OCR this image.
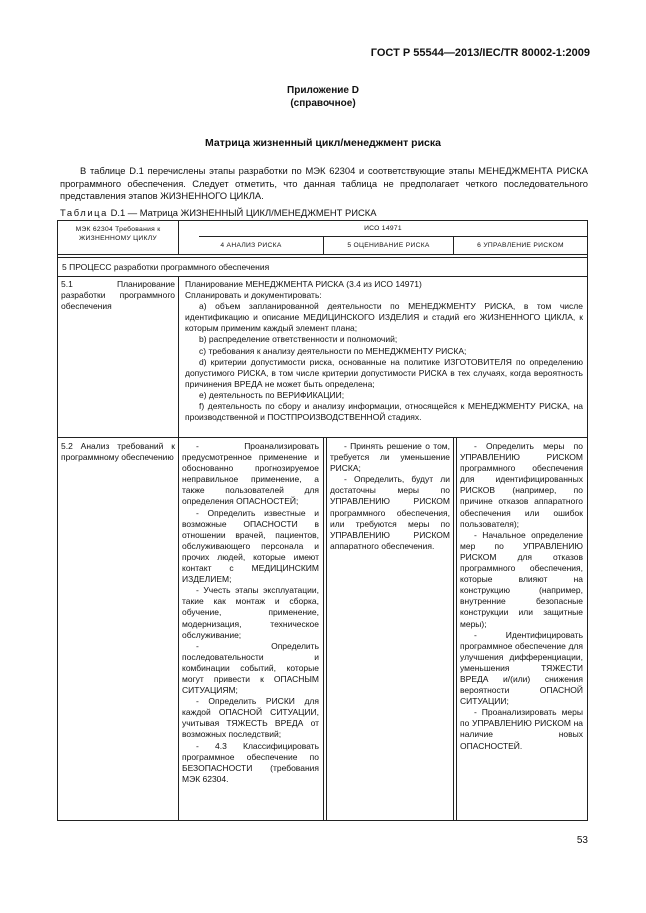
ГОСТ Р 55544—2013/IEC/TR 80002-1:2009
Приложение D
(справочное)
Матрица жизненный цикл/менеджмент риска
В таблице D.1 перечислены этапы разработки по МЭК 62304 и соответствующие этапы МЕНЕДЖМЕНТА РИСКА программного обеспечения. Следует отметить, что данная таблица не предполагает четкого последовательного представления этапов ЖИЗНЕННОГО ЦИКЛА.
Таблица D.1 — Матрица ЖИЗНЕННЫЙ ЦИКЛ/МЕНЕДЖМЕНТ РИСКА
МЭК 62304 Требования к ЖИЗНЕННОМУ ЦИКЛУ
ИСО 14971
4 АНАЛИЗ РИСКА	5 ОЦЕНИВАНИЕ РИСКА	6 УПРАВЛЕНИЕ РИСКОМ
5 ПРОЦЕСС разработки программного обеспечения
5.1 Планирование разработки программного обеспечения

Планирование МЕНЕДЖМЕНТА РИСКА (3.4 из ИСО 14971)

Спланировать и документировать:

а) объем запланированной деятельности по МЕНЕДЖМЕНТУ РИСКА, в том числе идентификацию и описание МЕДИЦИНСКОГО ИЗДЕЛИЯ и стадий его ЖИЗНЕННОГО ЦИКЛА, к которым применим каждый элемент плана;

b) распределение ответственности и полномочий;

с) требования к анализу деятельности по МЕНЕДЖМЕНТУ РИСКА;

d) критерии допустимости риска, основанные на политике ИЗГОТОВИТЕЛЯ по определению допустимого РИСКА, в том числе критерии допустимости РИСКА в тех случаях, когда вероятность причинения ВРЕДА не может быть определена;

е) деятельность по ВЕРИФИКАЦИИ;

f) деятельность по сбору и анализу информации, относящейся к МЕНЕДЖМЕНТУ РИСКА, на производственной и ПОСТПРОИЗВОДСТВЕННОЙ стадиях.

5.2 Анализ требований к программному обеспечению

- Проанализировать предусмотренное применение и обоснованно прогнозируемое неправильное применение, а также пользователей для определения ОПАСНОСТЕЙ;

- Определить известные и возможные ОПАСНОСТИ в отношении врачей, пациентов, обслуживающего персонала и прочих людей, которые имеют контакт с МЕДИЦИНСКИМ ИЗДЕЛИЕМ;

- Учесть этапы эксплуатации, такие как монтаж и сборка, обучение, применение, модернизация, техническое обслуживание;

- Определить последовательности и комбинации событий, которые могут привести к ОПАСНЫМ СИТУАЦИЯМ;

- Определить РИСКИ для каждой ОПАСНОЙ СИТУАЦИИ, учитывая ТЯЖЕСТЬ ВРЕДА от возможных последствий;

- 4.3 Классифицировать программное обеспечение по БЕЗОПАСНОСТИ (требования МЭК 62304.

- Принять решение о том, требуется ли уменьшение РИСКА;

- Определить, будут ли достаточны меры по УПРАВЛЕНИЮ РИСКОМ программного обеспечения, или требуются меры по УПРАВЛЕНИЮ РИСКОМ аппаратного обеспечения.

- Определить меры по УПРАВЛЕНИЮ РИСКОМ программного обеспечения для идентифицированных РИСКОВ (например, по причине отказов аппаратного обеспечения или ошибок пользователя);

- Начальное определение мер по УПРАВЛЕНИЮ РИСКОМ для отказов программного обеспечения, которые влияют на конструкцию (например, внутренние безопасные конструкции или защитные меры);

- Идентифицировать программное обеспечение для улучшения дифференциации, уменьшения ТЯЖЕСТИ ВРЕДА и/(или) снижения вероятности ОПАСНОЙ СИТУАЦИИ;

- Проанализировать меры по УПРАВЛЕНИЮ РИСКОМ на наличие новых ОПАСНОСТЕЙ.

53
